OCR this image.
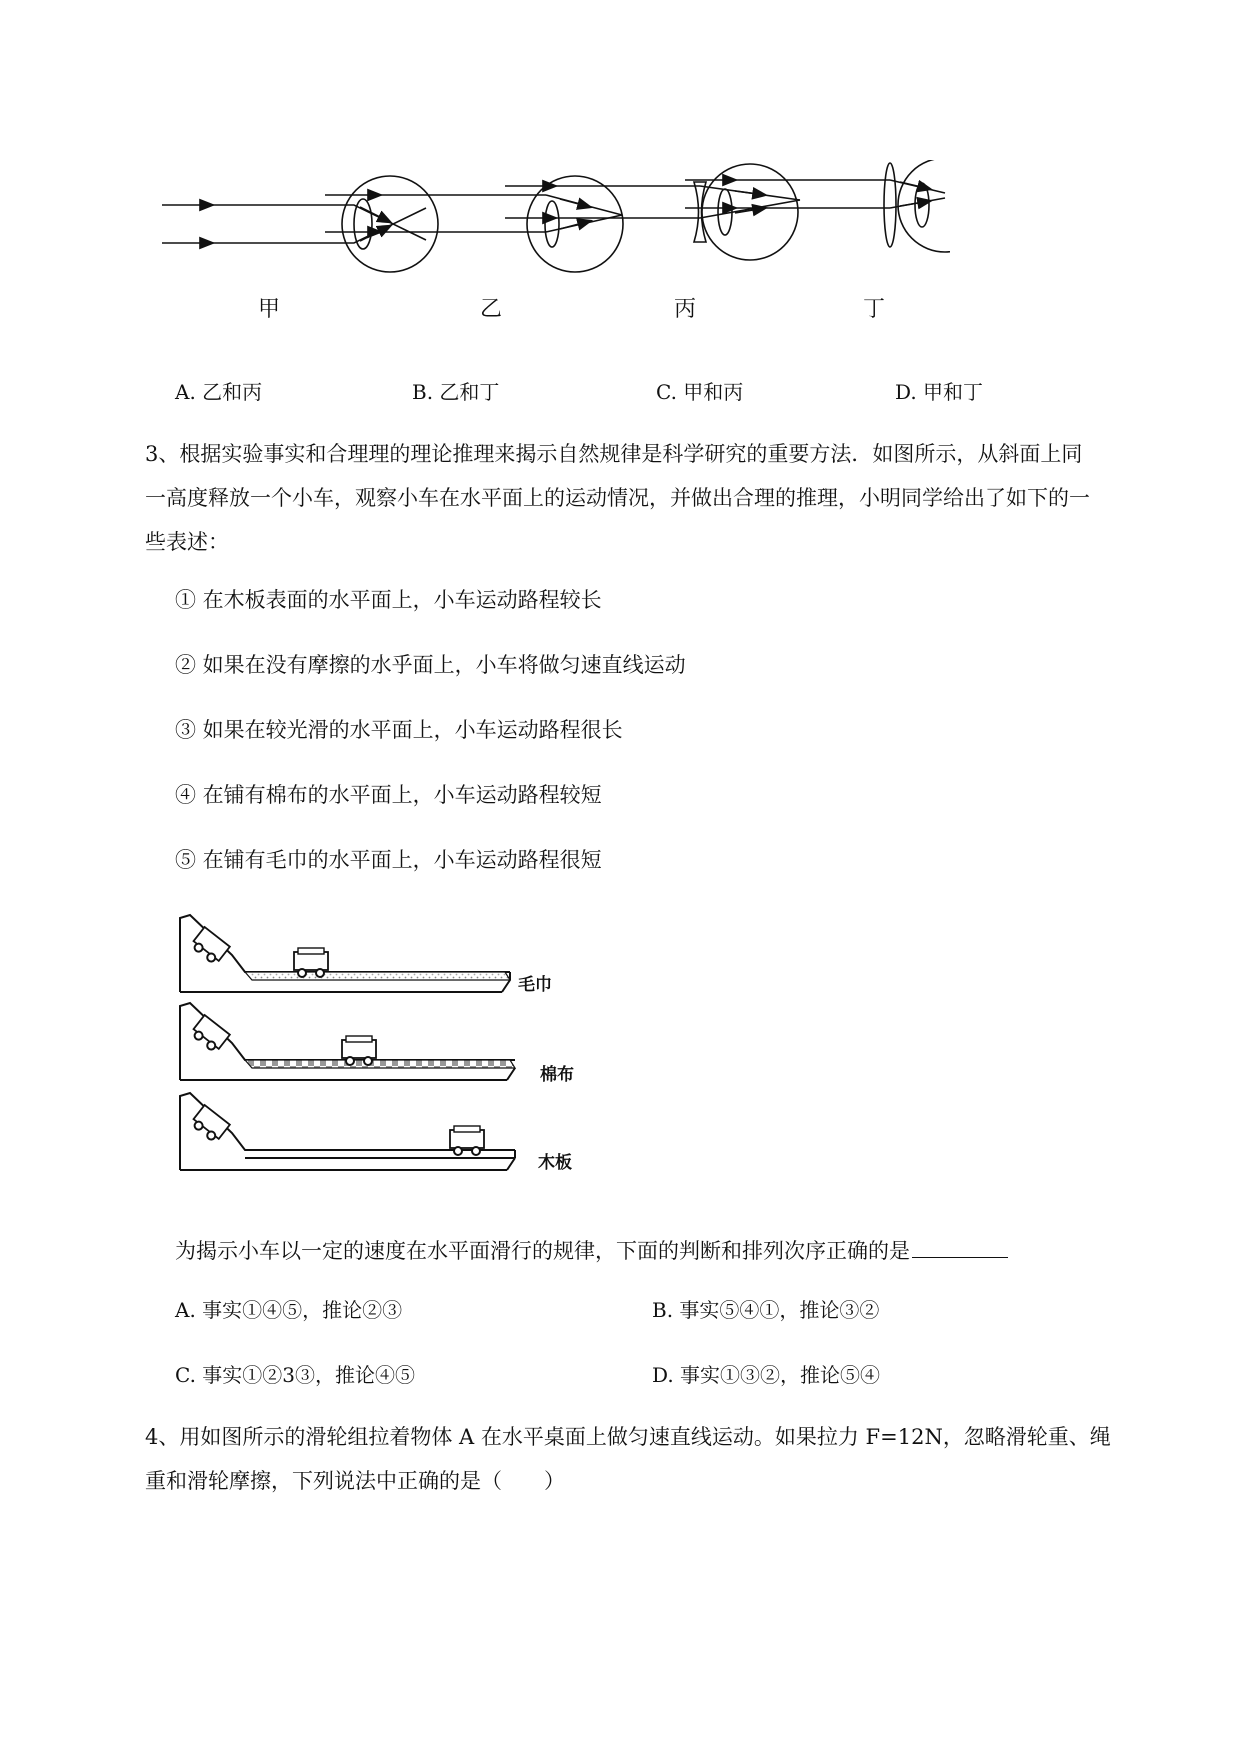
甲	乙	丙	丁
A. 乙和丙	B. 乙和丁	C. 甲和丙	D. 甲和丁
3、根据实验事实和合理理的理论推理来揭示自然规律是科学研究的重要方法．如图所示，从斜面上同
一高度释放一个小车，观察小车在水平面上的运动情况，并做出合理的推理，小明同学给出了如下的一
些表述：
① 在木板表面的水平面上，小车运动路程较长
② 如果在没有摩擦的水乎面上，小车将做匀速直线运动
③ 如果在较光滑的水平面上，小车运动路程很长
④ 在铺有棉布的水平面上，小车运动路程较短
⑤ 在铺有毛巾的水平面上，小车运动路程很短
毛巾
棉布
木板
为揭示小车以一定的速度在水平面滑行的规律，下面的判断和排列次序正确的是
A. 事实①④⑤，推论②③	B. 事实⑤④①，推论③②
C. 事实①②3③，推论④⑤	D. 事实①③②，推论⑤④
4、用如图所示的滑轮组拉着物体 A 在水平桌面上做匀速直线运动。如果拉力 F=12N，忽略滑轮重、绳
重和滑轮摩擦，下列说法中正确的是（　　）
